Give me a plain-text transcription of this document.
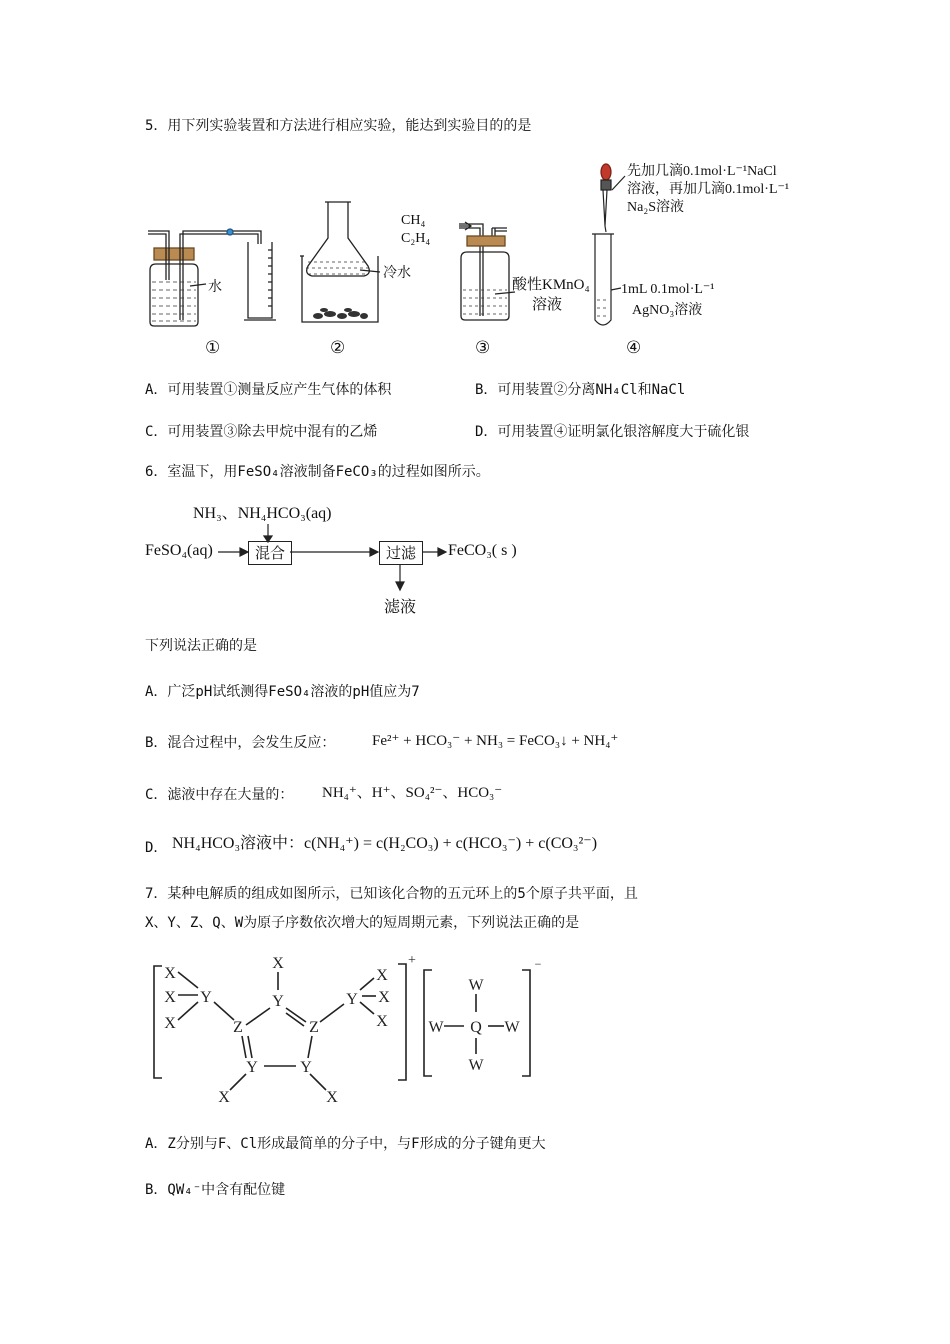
5．用下列实验装置和方法进行相应实验，能达到实验目的的是
水
①
冷水
②
CH₄
C₂H₄
酸性KMnO₄
溶液
③
先加几滴0.1mol·L⁻¹NaCl
溶液，再加几滴0.1mol·L⁻¹
Na₂S溶液
1mL 0.1mol·L⁻¹
AgNO₃溶液
④
A．可用装置①测量反应产生气体的体积	B．可用装置②分离NH₄Cl和NaCl
C．可用装置③除去甲烷中混有的乙烯	D．可用装置④证明氯化银溶解度大于硫化银
6．室温下，用FeSO₄溶液制备FeCO₃的过程如图所示。
NH₃、NH₄HCO₃(aq)
FeSO₄(aq)	混合	过滤	FeCO₃( s )
滤液
下列说法正确的是
A．广泛pH试纸测得FeSO₄溶液的pH值应为7
B．混合过程中，会发生反应： Fe²⁺ + HCO₃⁻ + NH₃ = FeCO₃↓ + NH₄⁺
C．滤液中存在大量的： NH₄⁺、H⁺、SO₄²⁻、HCO₃⁻
D． NH₄HCO₃溶液中：c(NH₄⁺) = c(H₂CO₃) + c(HCO₃⁻) + c(CO₃²⁻)
7．某种电解质的组成如图所示，已知该化合物的五元环上的5个原子共平面，且
X、Y、Z、Q、W为原子序数依次增大的短周期元素，下列说法正确的是
X
X
X
Y
Z
X
Y
Z
Y
X
X
X
Y	Y
X	X
W
W Q W
W
+	−
A．Z分别与F、Cl形成最简单的分子中，与F形成的分子键角更大
B．QW₄⁻中含有配位键
